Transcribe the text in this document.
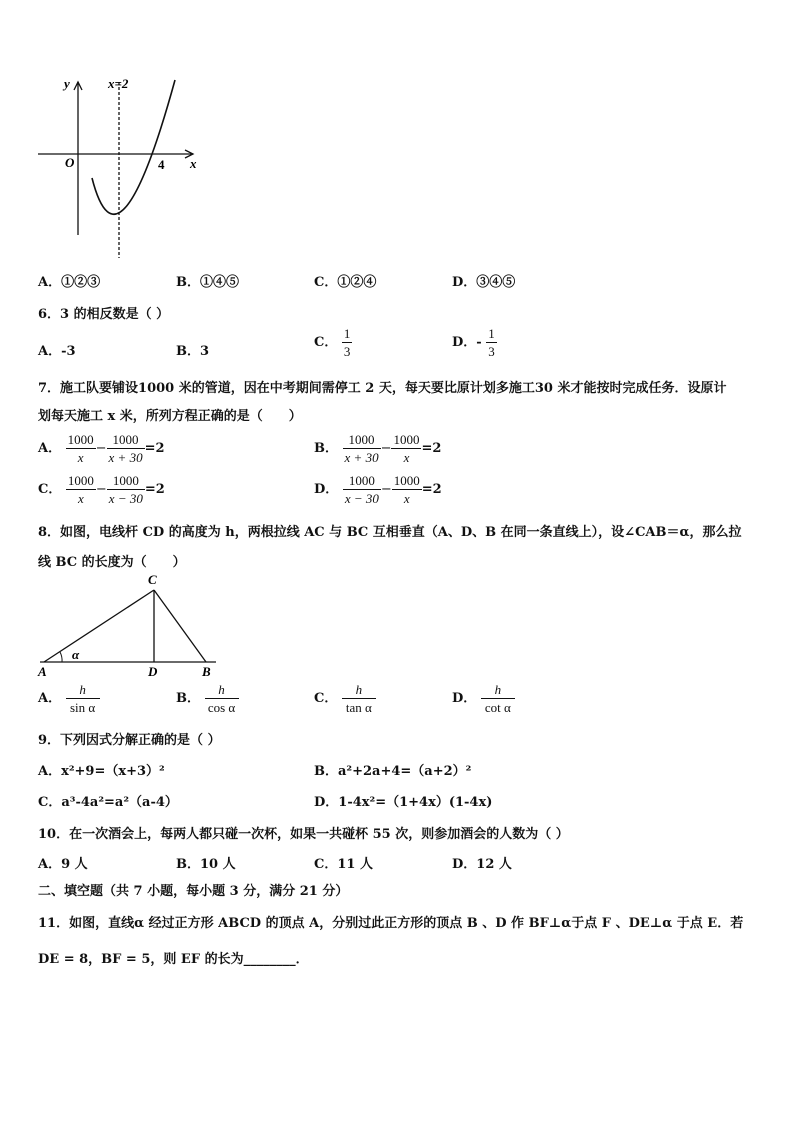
y
x
O
x=2
4
A．①②③	B．①④⑤	C．①②④	D．③④⑤
6．3 的相反数是（ ）
A．-3	B．3
C． $\frac{1}{3}$	D．- $\frac{1}{3}$
7．施工队要铺设1000 米的管道，因在中考期间需停工 2 天，每天要比原计划多施工30 米才能按时完成任务．设原计
划每天施工 x 米，所列方程正确的是（　　）
A． $\frac{1000}{x} - \frac{1000}{x + 30} =2$	B． $\frac{1000}{x + 30} - \frac{1000}{x} =2$
C． $\frac{1000}{x} - \frac{1000}{x - 30} =2$	D． $\frac{1000}{x - 30} - \frac{1000}{x} =2$
8．如图，电线杆 CD 的高度为 h，两根拉线 AC 与 BC 互相垂直（A、D、B 在同一条直线上），设∠CAB＝α，那么拉
线 BC 的长度为（　　）
A	B
C
D
α
A． $\frac{h}{\text{sin α}}$	B． $\frac{h}{\text{cos α}}$	C． $\frac{h}{\text{tan α}}$	D． $\frac{h}{\text{cot α}}$
9．下列因式分解正确的是（ ）
A．x²+9=（x+3）²	B．a²+2a+4=（a+2）²
C．a³-4a²=a²（a-4）	D．1-4x²=（1+4x）(1-4x)
10．在一次酒会上，每两人都只碰一次杯，如果一共碰杯 55 次，则参加酒会的人数为（ ）
A．9 人	B．10 人	C．11 人	D．12 人
二、填空题（共 7 小题，每小题 3 分，满分 21 分）
11．如图，直线α 经过正方形 ABCD 的顶点 A，分别过此正方形的顶点 B 、D 作 BF⊥α于点 F 、DE⊥α 于点 E．若
DE = 8，BF = 5，则 EF 的长为________．
